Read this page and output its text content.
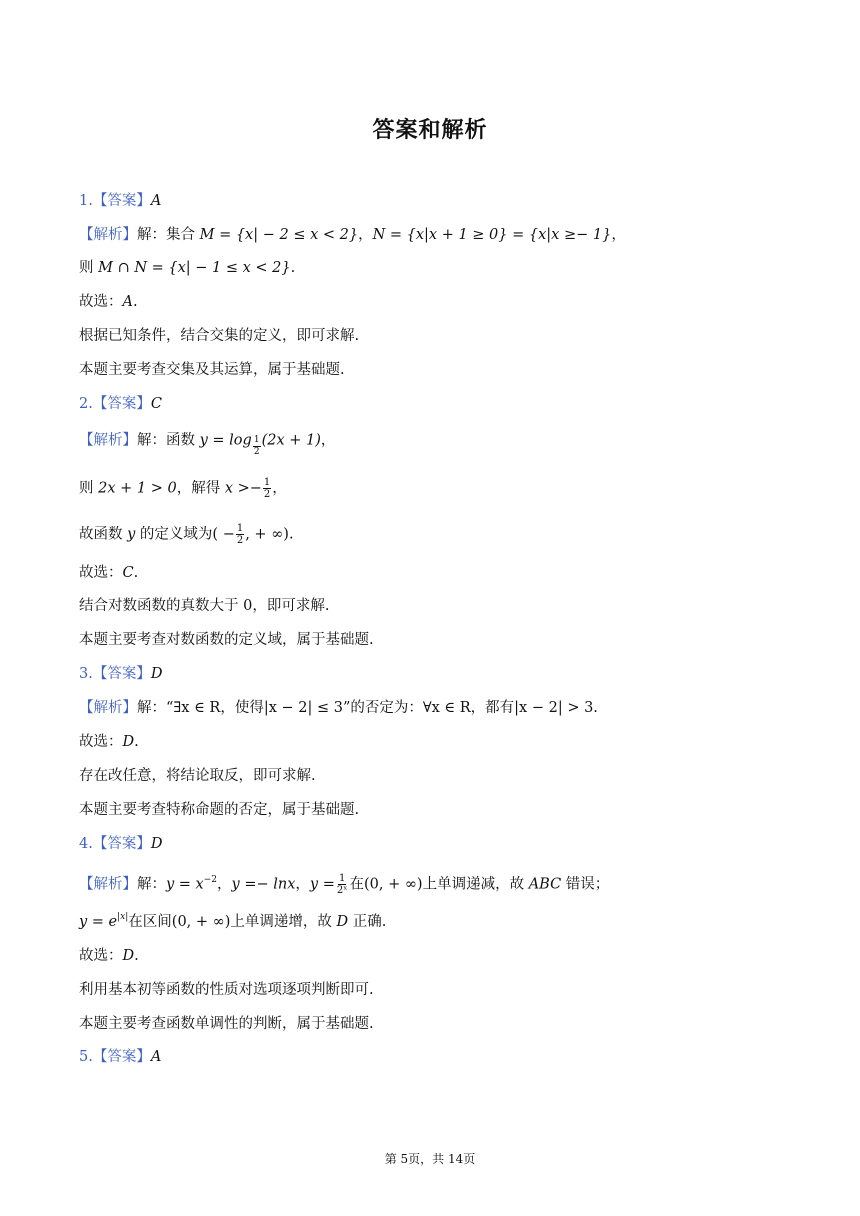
答案和解析
1.【答案】A
【解析】解：集合 M = {x| − 2 ≤ x < 2}，N = {x|x + 1 ≥ 0} = {x|x ≥− 1}，
则 M ∩ N = {x| − 1 ≤ x < 2}.
故选：A.
根据已知条件，结合交集的定义，即可求解.
本题主要考查交集及其运算，属于基础题.
2.【答案】C
【解析】解：函数 $y = \log \frac{1}{2} (2x + 1)$，
则 2x + 1 > 0，解得 $x >- \frac{1}{2}$ ，
故函数 y 的定义域为( − $\frac{1}{2}$ , + ∞).
故选：C.
结合对数函数的真数大于 0，即可求解.
本题主要考查对数函数的定义域，属于基础题.
3.【答案】D
【解析】解：“∃x ∈ R，使得|x − 2| ≤ 3”的否定为：∀x ∈ R，都有|x − 2| > 3.
故选：D.
存在改任意，将结论取反，即可求解.
本题主要考查特称命题的否定，属于基础题.
4.【答案】D
【解析】解：$y = x^{-2}$，y =− lnx，$y = \frac{1}{\text{2ˣ}}$ 在(0, + ∞)上单调递减，故 ABC 错误；
$y = e^{|x|}$在区间(0, + ∞)上单调递增，故 D 正确.
故选：D.
利用基本初等函数的性质对选项逐项判断即可.
本题主要考查函数单调性的判断，属于基础题.
5.【答案】A
第 5页，共 14页
